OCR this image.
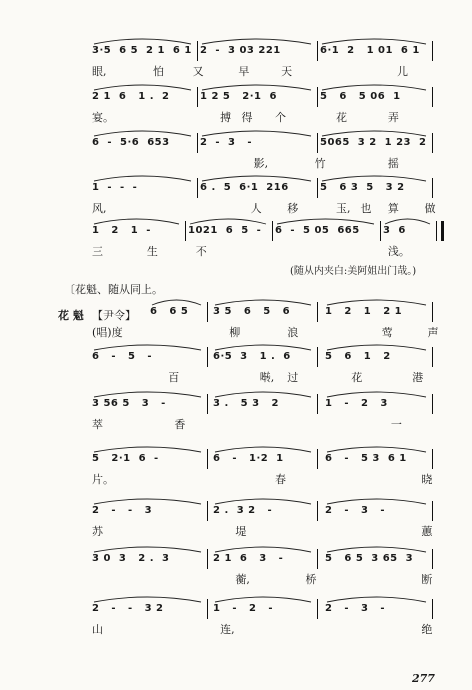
(随从内夹白:美阿姐出门哉。)
〔花魁、随从同上。
花 魁 【尹令】
277
3·5  6 5  2 1  6 1 2  -  3 03 221	6·1  2   1 01  6 1
眼,	怕	又	早	天	儿
2 1  6   1 .  2	1 2 5   2·1  6	5   6   5 06  1
宴。	搏 得 个	花	弄
6  -  5·6  653	2  -  3   -	5065  3 2  1 23  2
影,	竹	摇
1  -  -  -	6 .  5  6·1  216	5   6 3  5   3 2
风,	人 移	玉, 也 算 做
1   2   1  -	1021  6  5  - 6  -  5 05  665 3  6
三	生	不	浅。
6   6 5 3 5   6   5   6	1   2   1   2 1
(唱)度	柳	浪	莺	声
6   -   5   -	6·5  3   1 .  6	5   6   1   2
百	啭, 过	花	港
3 56 5   3   -	3 .   5 3   2	1   -   2   3
萃	香	一
5   2·1  6  -	6   -   1·2  1	6   -   5 3  6 1
片。	春	晓
2   -   -   3	2 .  3 2   -	2   -   3   -
苏	堤	蕙
3 0  3   2 .  3	2 1  6   3   -	5   6 5  3 65  3
蘅,	桥	断
2   -   -   3 2	1   -   2   -	2   -   3   -
山	连,	绝
